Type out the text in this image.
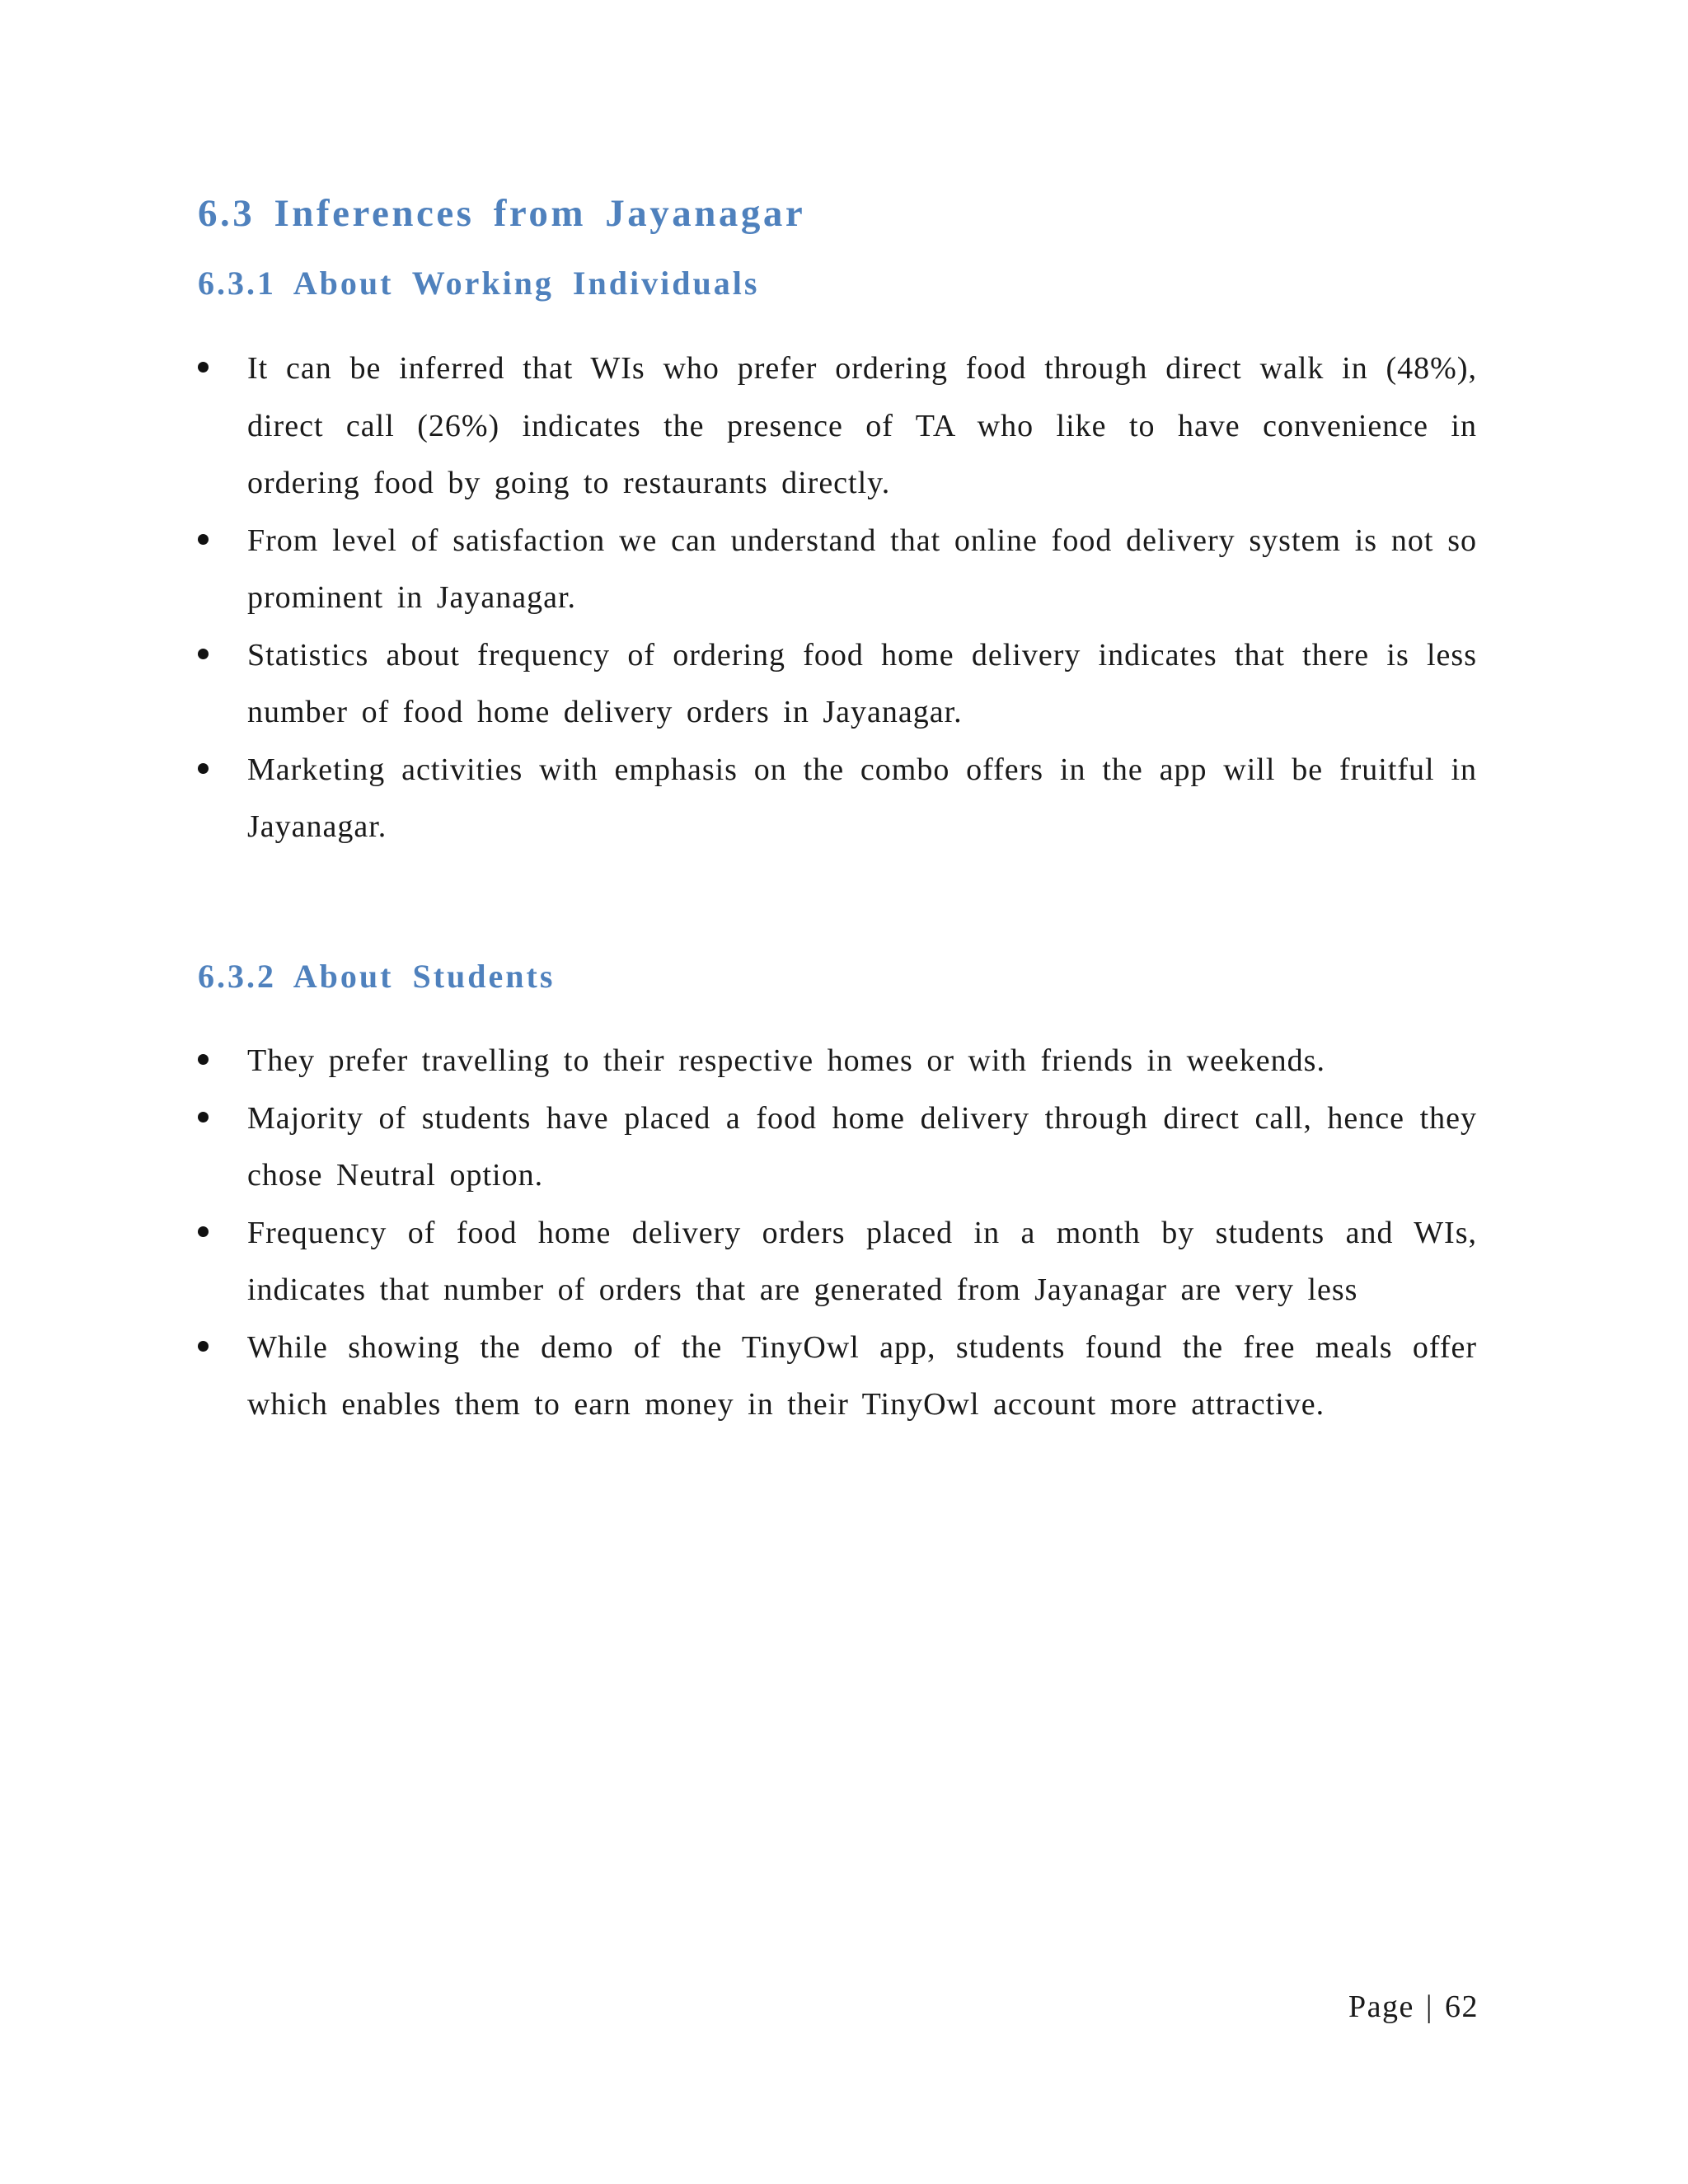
6.3 Inferences from Jayanagar
6.3.1 About Working Individuals
It can be inferred that WIs who prefer ordering food through direct walk in (48%), direct call (26%) indicates the presence of TA who like to have convenience in ordering food by going to restaurants directly.
From level of satisfaction we can understand that online food delivery system is not so prominent in Jayanagar.
Statistics about frequency of ordering food home delivery indicates that there is less number of food home delivery orders in Jayanagar.
Marketing activities with emphasis on the combo offers in the app will be fruitful in Jayanagar.
6.3.2 About Students
They prefer travelling to their respective homes or with friends in weekends.
Majority of students have placed a food home delivery through direct call, hence they chose Neutral option.
Frequency of food home delivery orders placed in a month by students and WIs, indicates that number of orders that are generated from Jayanagar are very less
While showing the demo of the TinyOwl app, students found the free meals offer which enables them to earn money in their TinyOwl account more attractive.
Page | 62
